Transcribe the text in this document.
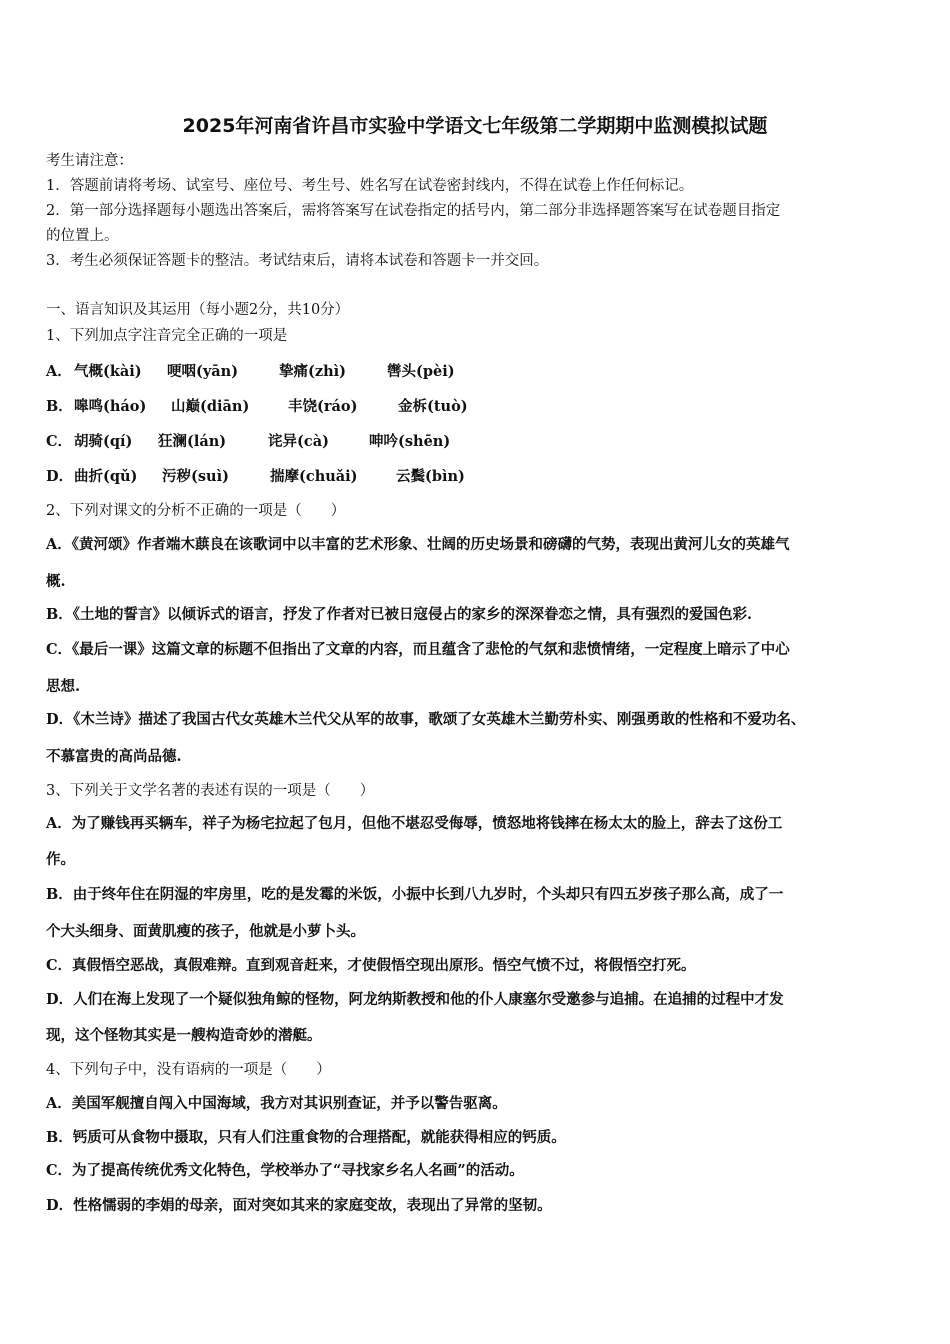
2025年河南省许昌市实验中学语文七年级第二学期期中监测模拟试题
考生请注意：
1．答题前请将考场、试室号、座位号、考生号、姓名写在试卷密封线内，不得在试卷上作任何标记。
2．第一部分选择题每小题选出答案后，需将答案写在试卷指定的括号内，第二部分非选择题答案写在试卷题目指定
的位置上。
3．考生必须保证答题卡的整洁。考试结束后，请将本试卷和答题卡一并交回。
一、语言知识及其运用（每小题2分，共10分）
1、下列加点字注音完全正确的一项是
A． 气概(kài) 哽咽(yān)	挚痛(zhì)	辔头(pèi)
B． 嗥鸣(háo) 山巅(diān)	丰饶(ráo)	金柝(tuò)
C． 胡骑(qí) 狂澜(lán)	诧异(cà)	呻吟(shēn)
D． 曲折(qǔ) 污秽(suì)	揣摩(chuǎi)	云鬓(bìn)
2、下列对课文的分析不正确的一项是（　　）
A．《黄河颂》作者端木蕻良在该歌词中以丰富的艺术形象、壮阔的历史场景和磅礴的气势，表现出黄河儿女的英雄气
概.
B．《土地的誓言》以倾诉式的语言，抒发了作者对已被日寇侵占的家乡的深深眷恋之情，具有强烈的爱国色彩.
C．《最后一课》这篇文章的标题不但指出了文章的内容，而且蕴含了悲怆的气氛和悲愤情绪，一定程度上暗示了中心
思想.
D．《木兰诗》描述了我国古代女英雄木兰代父从军的故事，歌颂了女英雄木兰勤劳朴实、刚强勇敢的性格和不爱功名、
不慕富贵的高尚品德.
3、下列关于文学名著的表述有误的一项是（　　）
A．为了赚钱再买辆车，祥子为杨宅拉起了包月，但他不堪忍受侮辱，愤怒地将钱摔在杨太太的脸上，辞去了这份工
作。
B．由于终年住在阴湿的牢房里，吃的是发霉的米饭，小振中长到八九岁时，个头却只有四五岁孩子那么高，成了一
个大头细身、面黄肌瘦的孩子，他就是小萝卜头。
C．真假悟空恶战，真假难辩。直到观音赶来，才使假悟空现出原形。悟空气愤不过，将假悟空打死。
D．人们在海上发现了一个疑似独角鲸的怪物，阿龙纳斯教授和他的仆人康塞尔受邀参与追捕。在追捕的过程中才发
现，这个怪物其实是一艘构造奇妙的潜艇。
4、下列句子中，没有语病的一项是（　　）
A．美国军舰擅自闯入中国海域，我方对其识别查证，并予以警告驱离。
B．钙质可从食物中摄取，只有人们注重食物的合理搭配，就能获得相应的钙质。
C．为了提高传统优秀文化特色，学校举办了“寻找家乡名人名画”的活动。
D．性格懦弱的李娟的母亲，面对突如其来的家庭变故，表现出了异常的坚韧。
